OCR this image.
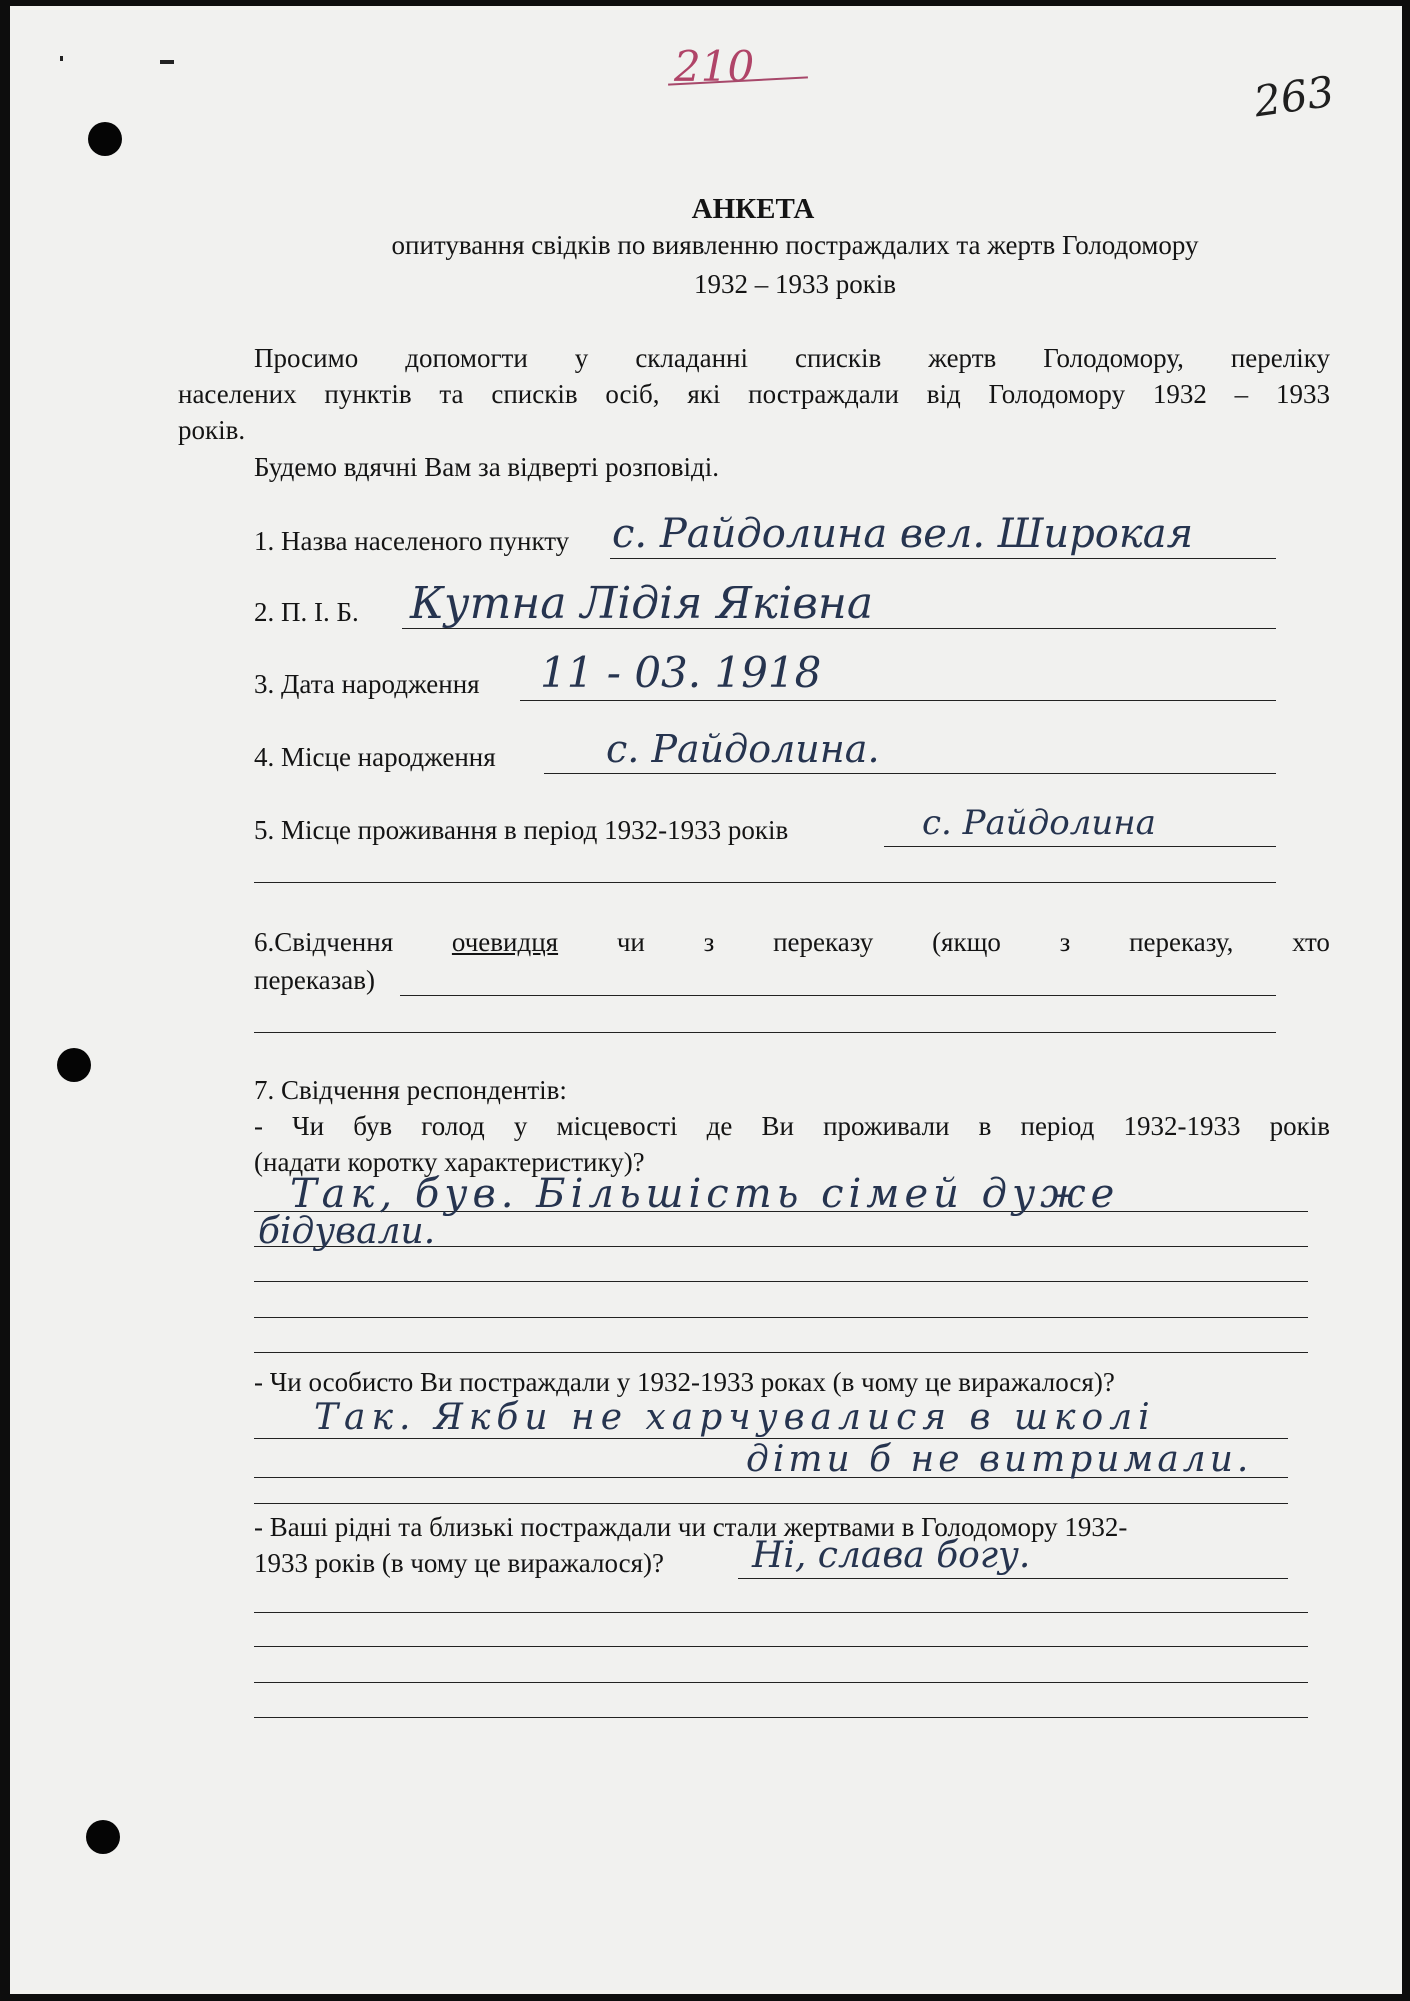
210
263
АНКЕТА
опитування свідків по виявленню постраждалих та жертв Голодомору
1932 – 1933 років
Просимо допомогти у складанні списків жертв Голодомору, переліку
населених пунктів та списків осіб, які постраждали від Голодомору 1932 – 1933
років.
Будемо вдячні Вам за відверті розповіді.
1. Назва населеного пункту с. Райдолина вел. Широкая
2. П. І. Б. Кутна Лідія Яківна
3. Дата народження 11 - 03. 1918
4. Місце народження	с. Райдолина.
5. Місце проживання в період 1932-1933 років	с. Райдолина
6.Свідчення очевидця чи з переказу (якщо з переказу, хто
переказав)
7. Свідчення респондентів:
- Чи був голод у місцевості де Ви проживали в період 1932-1933 років
(надати коротку характеристику)?
Так, був. Більшість сімей дуже
бідували.
- Чи особисто Ви постраждали у 1932-1933 роках (в чому це виражалося)?
Так. Якби не харчувалися в школі
діти б не витримали.
- Ваші рідні та близькі постраждали чи стали жертвами в Голодомору 1932-
1933 років (в чому це виражалося)? Ні, слава богу.
